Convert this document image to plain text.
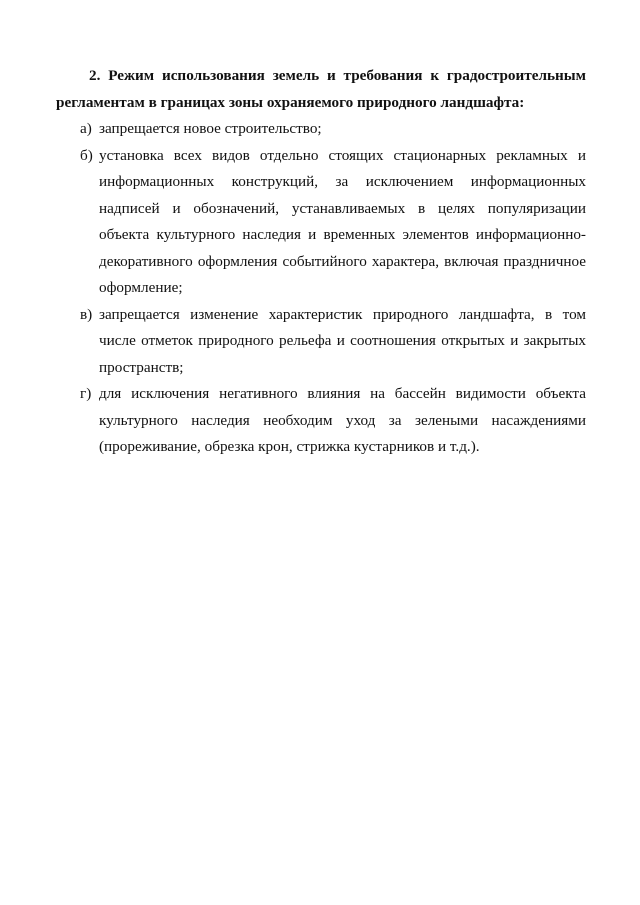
2. Режим использования земель и требования к градостроительным регламентам в границах зоны охраняемого природного ландшафта:

а) запрещается новое строительство;
б) установка всех видов отдельно стоящих стационарных рекламных и информационных конструкций, за исключением информационных надписей и обозначений, устанавливаемых в целях популяризации объекта культурного наследия и временных элементов информационно-декоративного оформления событийного характера, включая праздничное оформление;
в) запрещается изменение характеристик природного ландшафта, в том числе отметок природного рельефа и соотношения открытых и закрытых пространств;
г) для исключения негативного влияния на бассейн видимости объекта культурного наследия необходим уход за зелеными насаждениями (прореживание, обрезка крон, стрижка кустарников и т.д.).
